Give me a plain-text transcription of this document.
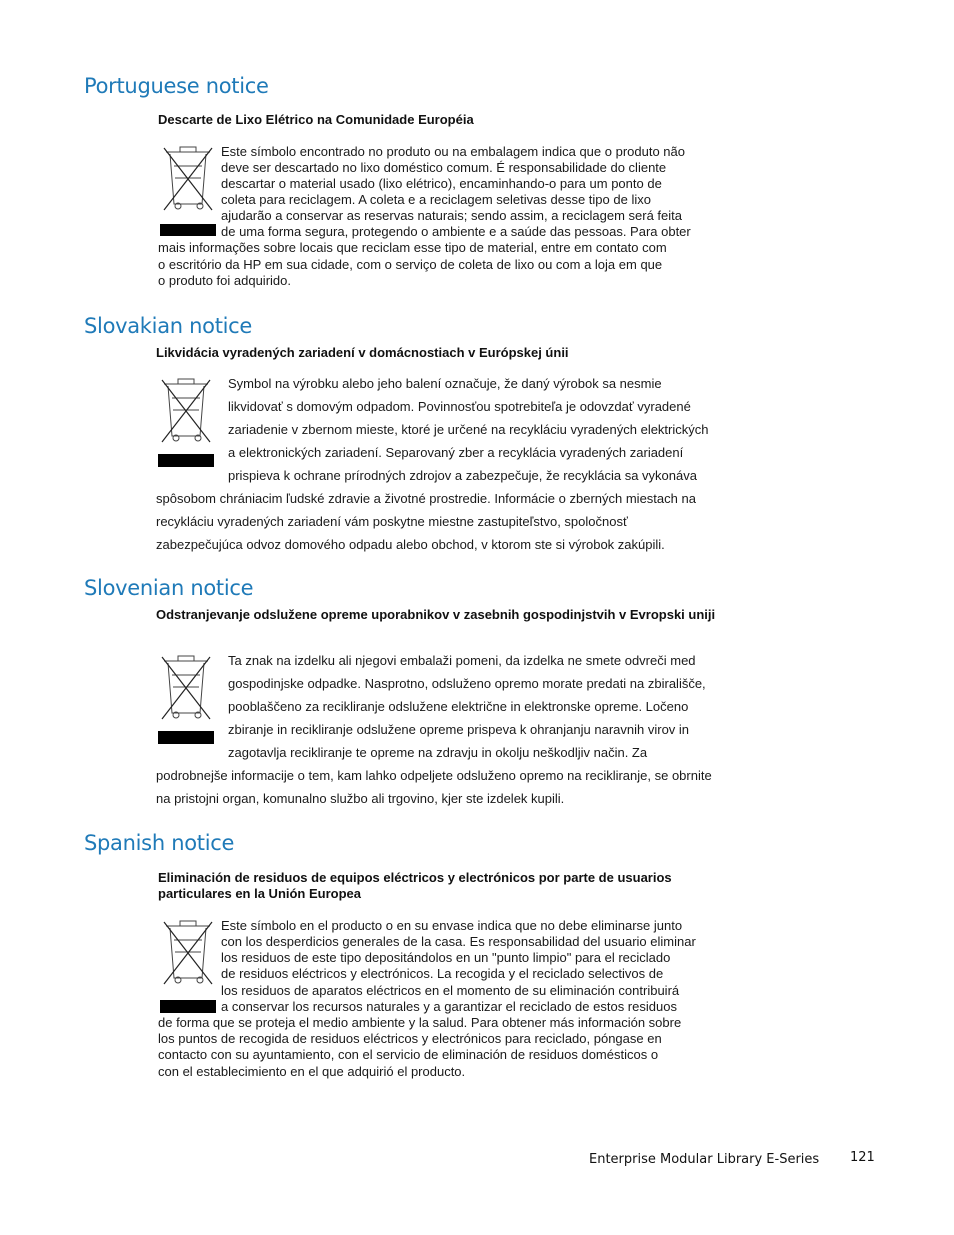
Portuguese notice

Descarte de Lixo Elétrico na Comunidade Européia

Este símbolo encontrado no produto ou na embalagem indica que o produto não
deve ser descartado no lixo doméstico comum. É responsabilidade do cliente
descartar o material usado (lixo elétrico), encaminhando-o para um ponto de
coleta para reciclagem. A coleta e a reciclagem seletivas desse tipo de lixo
ajudarão a conservar as reservas naturais; sendo assim, a reciclagem será feita
de uma forma segura, protegendo o ambiente e a saúde das pessoas. Para obter
mais informações sobre locais que reciclam esse tipo de material, entre em contato com
o escritório da HP em sua cidade, com o serviço de coleta de lixo ou com a loja em que
o produto foi adquirido.
Slovakian notice

Likvidácia vyradených zariadení v domácnostiach v Európskej únii

Symbol na výrobku alebo jeho balení označuje, že daný výrobok sa nesmie
likvidovať s domovým odpadom. Povinnosťou spotrebiteľa je odovzdať vyradené
zariadenie v zbernom mieste, ktoré je určené na recykláciu vyradených elektrických
a elektronických zariadení. Separovaný zber a recyklácia vyradených zariadení
prispieva k ochrane prírodných zdrojov a zabezpečuje, že recyklácia sa vykonáva
spôsobom chrániacim ľudské zdravie a životné prostredie. Informácie o zberných miestach na
recykláciu vyradených zariadení vám poskytne miestne zastupiteľstvo, spoločnosť
zabezpečujúca odvoz domového odpadu alebo obchod, v ktorom ste si výrobok zakúpili.
Slovenian notice

Odstranjevanje odslužene opreme uporabnikov v zasebnih gospodinjstvih v Evropski uniji

Ta znak na izdelku ali njegovi embalaži pomeni, da izdelka ne smete odvreči med
gospodinjske odpadke. Nasprotno, odsluženo opremo morate predati na zbirališče,
pooblaščeno za recikliranje odslužene električne in elektronske opreme. Ločeno
zbiranje in recikliranje odslužene opreme prispeva k ohranjanju naravnih virov in
zagotavlja recikliranje te opreme na zdravju in okolju neškodljiv način. Za
podrobnejše informacije o tem, kam lahko odpeljete odsluženo opremo na recikliranje, se obrnite
na pristojni organ, komunalno službo ali trgovino, kjer ste izdelek kupili.
Spanish notice

Eliminación de residuos de equipos eléctricos y electrónicos por parte de usuarios particulares en la Unión Europea

Este símbolo en el producto o en su envase indica que no debe eliminarse junto
con los desperdicios generales de la casa. Es responsabilidad del usuario eliminar
los residuos de este tipo depositándolos en un "punto limpio" para el reciclado
de residuos eléctricos y electrónicos. La recogida y el reciclado selectivos de
los residuos de aparatos eléctricos en el momento de su eliminación contribuirá
a conservar los recursos naturales y a garantizar el reciclado de estos residuos
de forma que se proteja el medio ambiente y la salud. Para obtener más información sobre
los puntos de recogida de residuos eléctricos y electrónicos para reciclado, póngase en
contacto con su ayuntamiento, con el servicio de eliminación de residuos domésticos o
con el establecimiento en el que adquirió el producto.
Enterprise Modular Library E-Series 121
